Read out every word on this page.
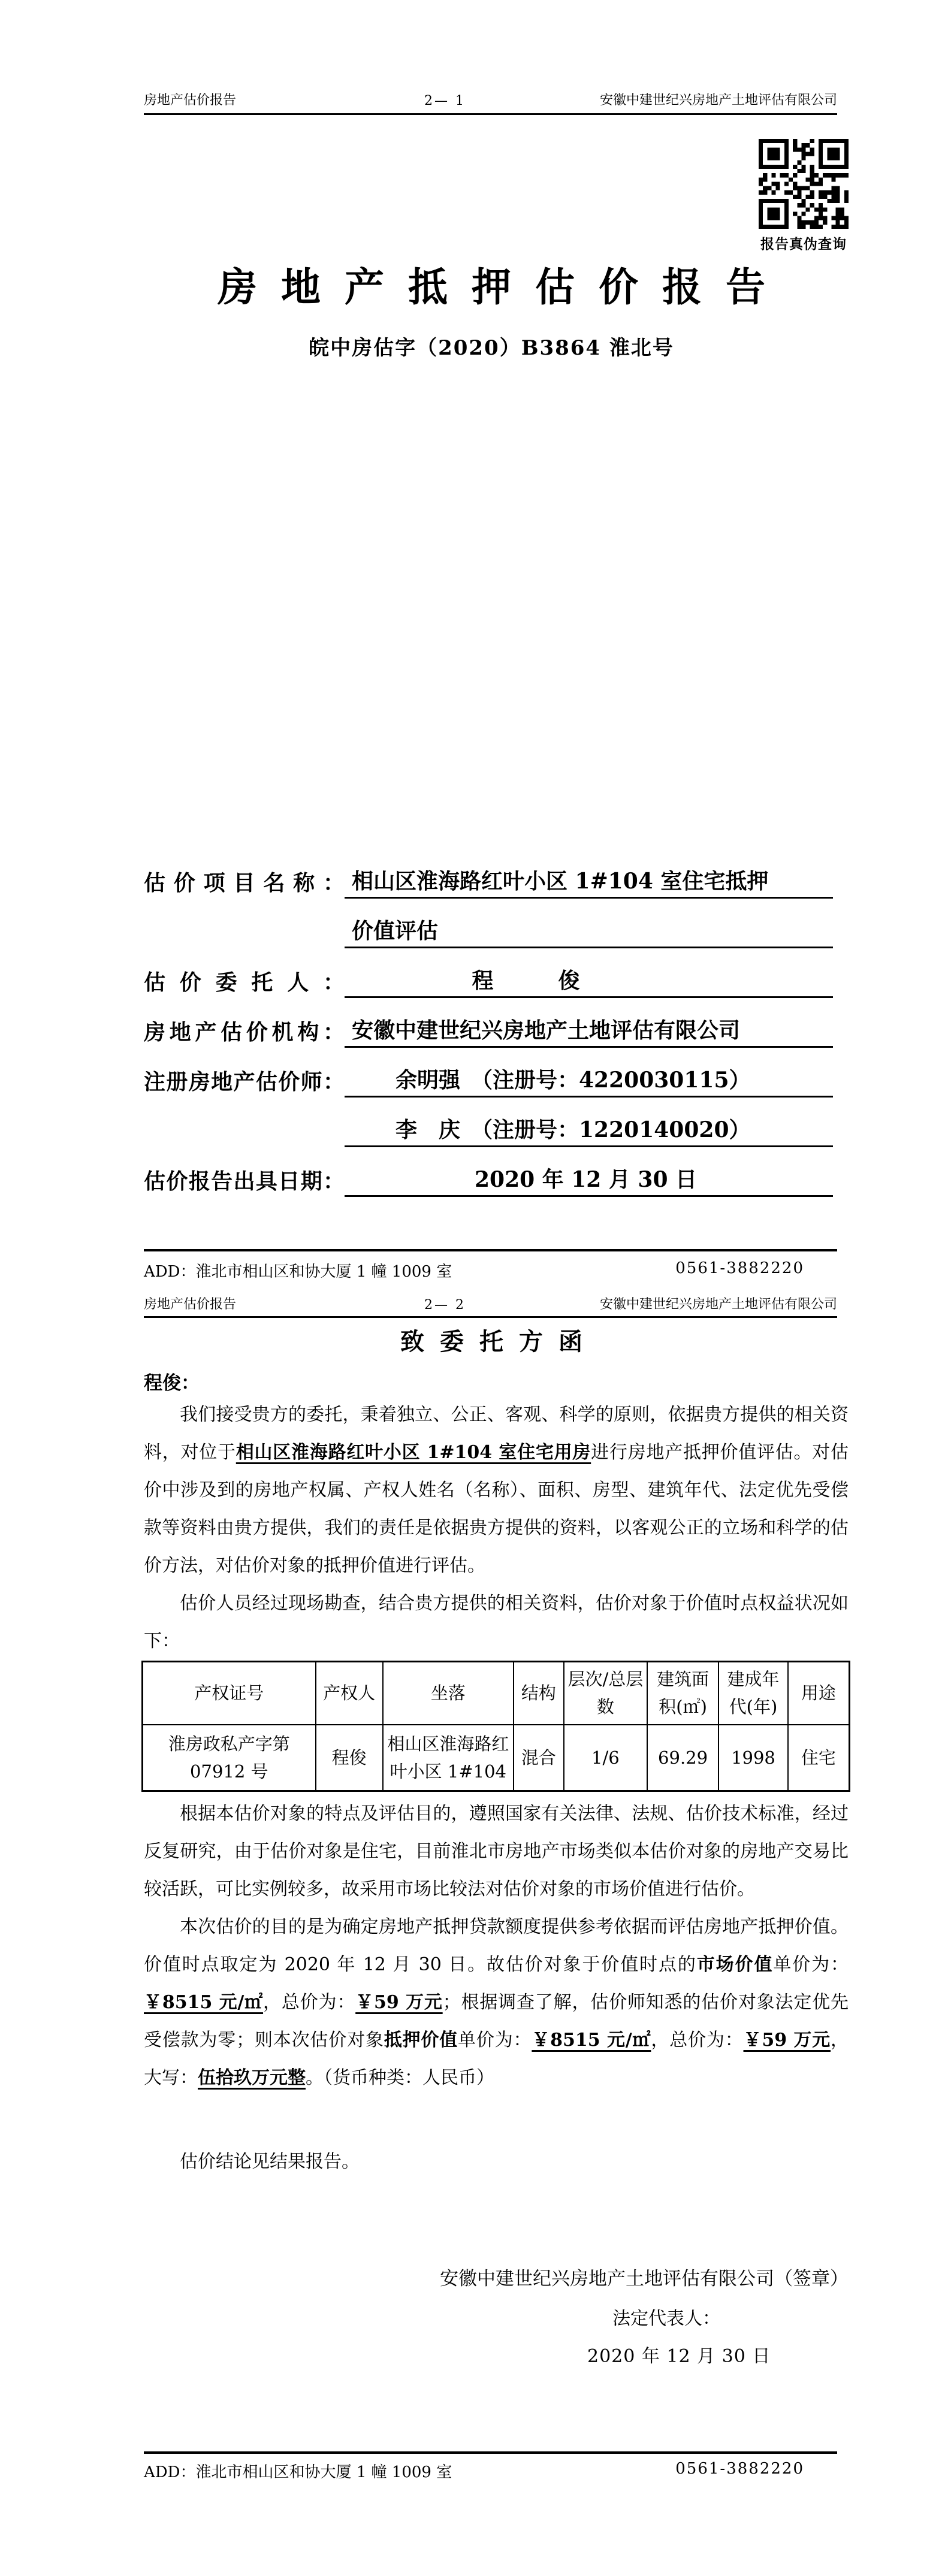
房地产估价报告	2— 1	安徽中建世纪兴房地产土地评估有限公司
报告真伪查询
房地产抵押估价报告
皖中房估字（2020）B3864 淮北号
估价项目名称： 相山区淮海路红叶小区 1#104 室住宅抵押
价值评估
估价委托人：	程　　　俊
房地产估价机构： 安徽中建世纪兴房地产土地评估有限公司
注册房地产估价师：	余明强　（注册号：4220030115）
李　庆　（注册号：1220140020）
估价报告出具日期：	2020 年 12 月 30 日
ADD：淮北市相山区和协大厦 1 幢 1009 室	0561-3882220
房地产估价报告	2— 2	安徽中建世纪兴房地产土地评估有限公司
致委托方函
程俊：

我们接受贵方的委托，秉着独立、公正、客观、科学的原则，依据贵方提供的相关资料，对位于相山区淮海路红叶小区 1#104 室住宅用房进行房地产抵押价值评估。对估价中涉及到的房地产权属、产权人姓名（名称）、面积、房型、建筑年代、法定优先受偿款等资料由贵方提供，我们的责任是依据贵方提供的资料，以客观公正的立场和科学的估价方法，对估价对象的抵押价值进行评估。

估价人员经过现场勘查，结合贵方提供的相关资料，估价对象于价值时点权益状况如下：

产权证号	产权人	坐落	结构	层次/总层数	建筑面积(㎡)	建成年代(年)	用途
淮房政私产字第 07912 号	程俊	相山区淮海路红叶小区 1#104	混合	1/6	69.29	1998	住宅

根据本估价对象的特点及评估目的，遵照国家有关法律、法规、估价技术标准，经过反复研究，由于估价对象是住宅，目前淮北市房地产市场类似本估价对象的房地产交易比较活跃，可比实例较多，故采用市场比较法对估价对象的市场价值进行估价。

本次估价的目的是为确定房地产抵押贷款额度提供参考依据而评估房地产抵押价值。价值时点取定为 2020 年 12 月 30 日。故估价对象于价值时点的市场价值单价为：￥8515 元/㎡，总价为：￥59 万元；根据调查了解，估价师知悉的估价对象法定优先受偿款为零；则本次估价对象抵押价值单价为：￥8515 元/㎡，总价为：￥59 万元，大写：伍拾玖万元整。（货币种类：人民币）

估价结论见结果报告。
安徽中建世纪兴房地产土地评估有限公司（签章）
法定代表人：
2020 年 12 月 30 日
ADD：淮北市相山区和协大厦 1 幢 1009 室	0561-3882220
